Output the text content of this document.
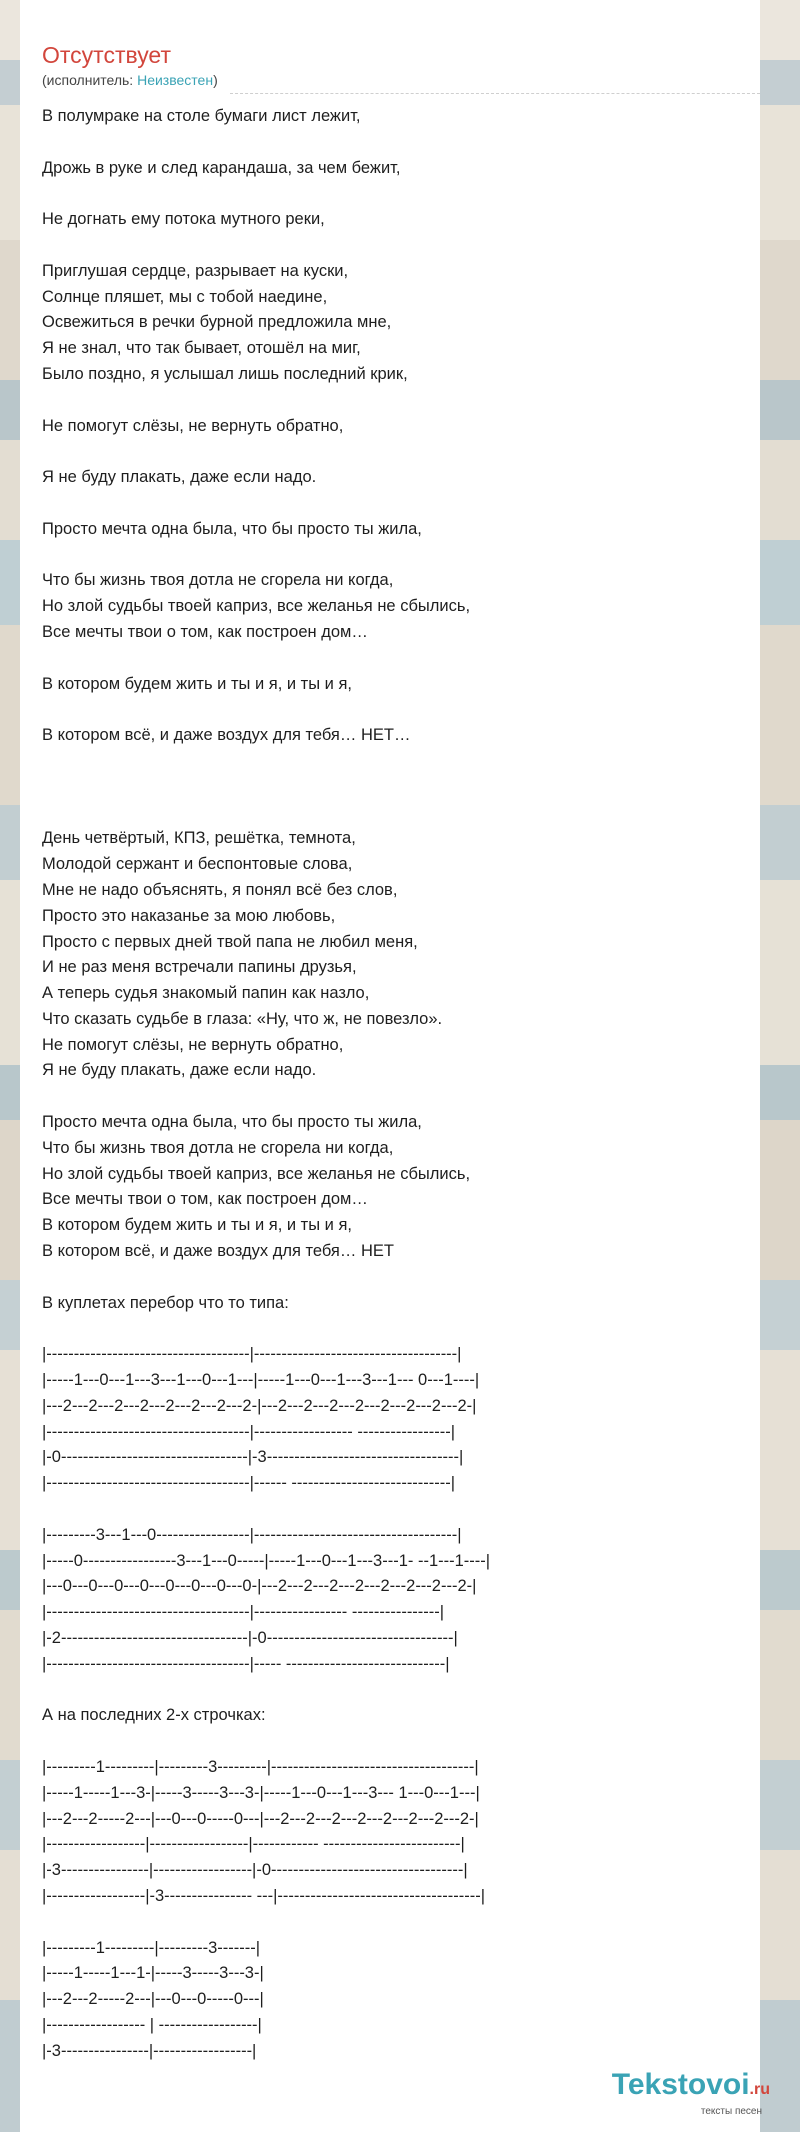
Отсутствует
(исполнитель: Неизвестен)
В полумраке на столе бумаги лист лежит,
Дрожь в руке и след карандаша, за чем бежит,
Не догнать ему потока мутного реки,
Приглушая сердце, разрывает на куски,
Солнце пляшет, мы с тобой наедине,
Освежиться в речки бурной предложила мне,
Я не знал, что так бывает, отошёл на миг,
Было поздно, я услышал лишь последний крик,
Не помогут слёзы, не вернуть обратно,
Я не буду плакать, даже если надо.
Просто мечта одна была, что бы просто ты жила,
Что бы жизнь твоя дотла не сгорела ни когда,
Но злой судьбы твоей каприз, все желанья не сбылись,
Все мечты твои о том, как построен дом…
В котором будем жить и ты и я, и ты и я,
В котором всё, и даже воздух для тебя… НЕТ…
День четвёртый, КПЗ, решётка, темнота,
Молодой сержант и беспонтовые слова,
Мне не надо объяснять, я понял всё без слов,
Просто это наказанье за мою любовь,
Просто с первых дней твой папа не любил меня,
И не раз меня встречали папины друзья,
А теперь судья знакомый папин как назло,
Что сказать судьбе в глаза: «Ну, что ж, не повезло».
Не помогут слёзы, не вернуть обратно,
Я не буду плакать, даже если надо.
Просто мечта одна была, что бы просто ты жила,
Что бы жизнь твоя дотла не сгорела ни когда,
Но злой судьбы твоей каприз, все желанья не сбылись,
Все мечты твои о том, как построен дом…
В котором будем жить и ты и я, и ты и я,
В котором всё, и даже воздух для тебя… НЕТ
В куплетах перебор что то типа:
|-------------------------------------|-------------------------------------|
|-----1---0---1---3---1---0---1---|-----1---0---1---3---1--- 0---1----|
|---2---2---2---2---2---2---2---2-|---2---2---2---2---2---2---2---2-|
|-------------------------------------|------------------ -----------------|
|-0----------------------------------|-3-----------------------------------|
|-------------------------------------|------ -----------------------------|
|---------3---1---0-----------------|-------------------------------------|
|-----0-----------------3---1---0-----|-----1---0---1---3---1- --1---1----|
|---0---0---0---0---0---0---0---0-|---2---2---2---2---2---2---2---2-|
|-------------------------------------|----------------- ----------------|
|-2----------------------------------|-0----------------------------------|
|-------------------------------------|----- -----------------------------|
А на последних 2-х строчках:
|---------1---------|---------3---------|-------------------------------------|
|-----1-----1---3-|-----3-----3---3-|-----1---0---1---3--- 1---0---1---|
|---2---2-----2---|---0---0-----0---|---2---2---2---2---2---2---2---2-|
|------------------|------------------|------------ -------------------------|
|-3----------------|------------------|-0-----------------------------------|
|------------------|-3---------------- ---|-------------------------------------|
|---------1---------|---------3-------|
|-----1-----1---1-|-----3-----3---3-|
|---2---2-----2---|---0---0-----0---|
|------------------ | ------------------|
|-3----------------|------------------|
Tekstovoi.ru
тексты песен
